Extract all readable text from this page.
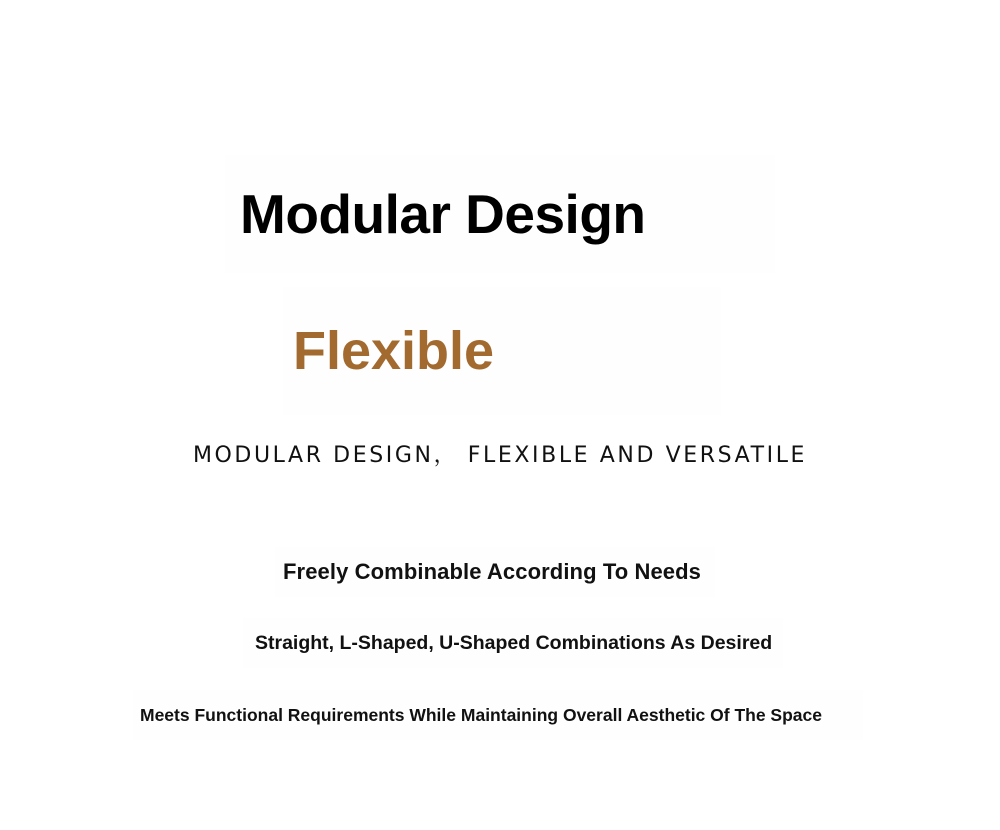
Modular Design
Flexible
MODULAR DESIGN， FLEXIBLE AND VERSATILE
Freely Combinable According To Needs
Straight, L-Shaped, U-Shaped Combinations As Desired
Meets Functional Requirements While Maintaining Overall Aesthetic Of The Space
